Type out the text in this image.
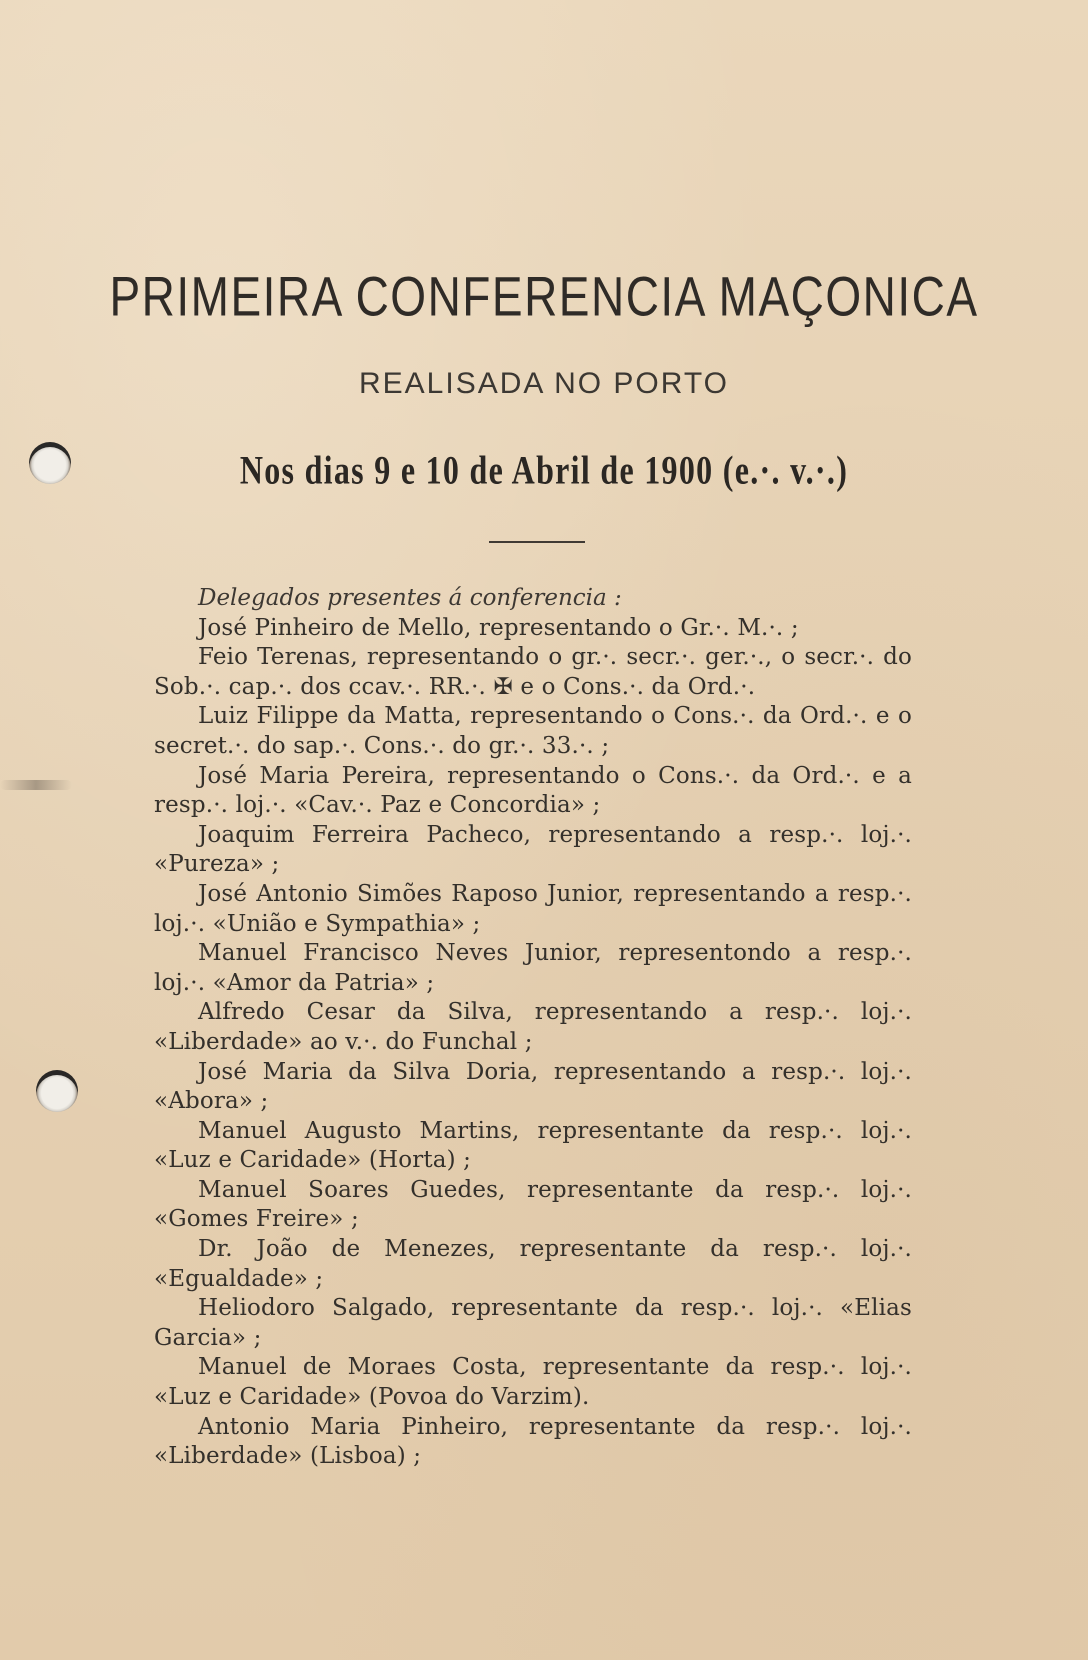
PRIMEIRA CONFERENCIA MAÇONICA
REALISADA NO PORTO
Nos dias 9 e 10 de Abril de 1900 (e.·. v.·.)
Delegados presentes á conferencia :

José Pinheiro de Mello, representando o Gr.·. M.·. ;

Feio Terenas, representando o gr.·. secr.·. ger.·., o secr.·. do Sob.·. cap.·. dos ccav.·. RR.·. ✠ e o Cons.·. da Ord.·.

Luiz Filippe da Matta, representando o Cons.·. da Ord.·. e o secret.·. do sap.·. Cons.·. do gr.·. 33.·. ;

José Maria Pereira, representando o Cons.·. da Ord.·. e a resp.·. loj.·. «Cav.·. Paz e Concordia» ;

Joaquim Ferreira Pacheco, representando a resp.·. loj.·. «Pureza» ;

José Antonio Simões Raposo Junior, representando a resp.·. loj.·. «União e Sympathia» ;

Manuel Francisco Neves Junior, representondo a resp.·. loj.·. «Amor da Patria» ;

Alfredo Cesar da Silva, representando a resp.·. loj.·. «Liberdade» ao v.·. do Funchal ;

José Maria da Silva Doria, representando a resp.·. loj.·. «Abora» ;

Manuel Augusto Martins, representante da resp.·. loj.·. «Luz e Caridade» (Horta) ;

Manuel Soares Guedes, representante da resp.·. loj.·. «Gomes Freire» ;

Dr. João de Menezes, representante da resp.·. loj.·. «Egualdade» ;

Heliodoro Salgado, representante da resp.·. loj.·. «Elias Garcia» ;

Manuel de Moraes Costa, representante da resp.·. loj.·. «Luz e Caridade» (Povoa do Varzim).

Antonio Maria Pinheiro, representante da resp.·. loj.·. «Liberdade» (Lisboa) ;
